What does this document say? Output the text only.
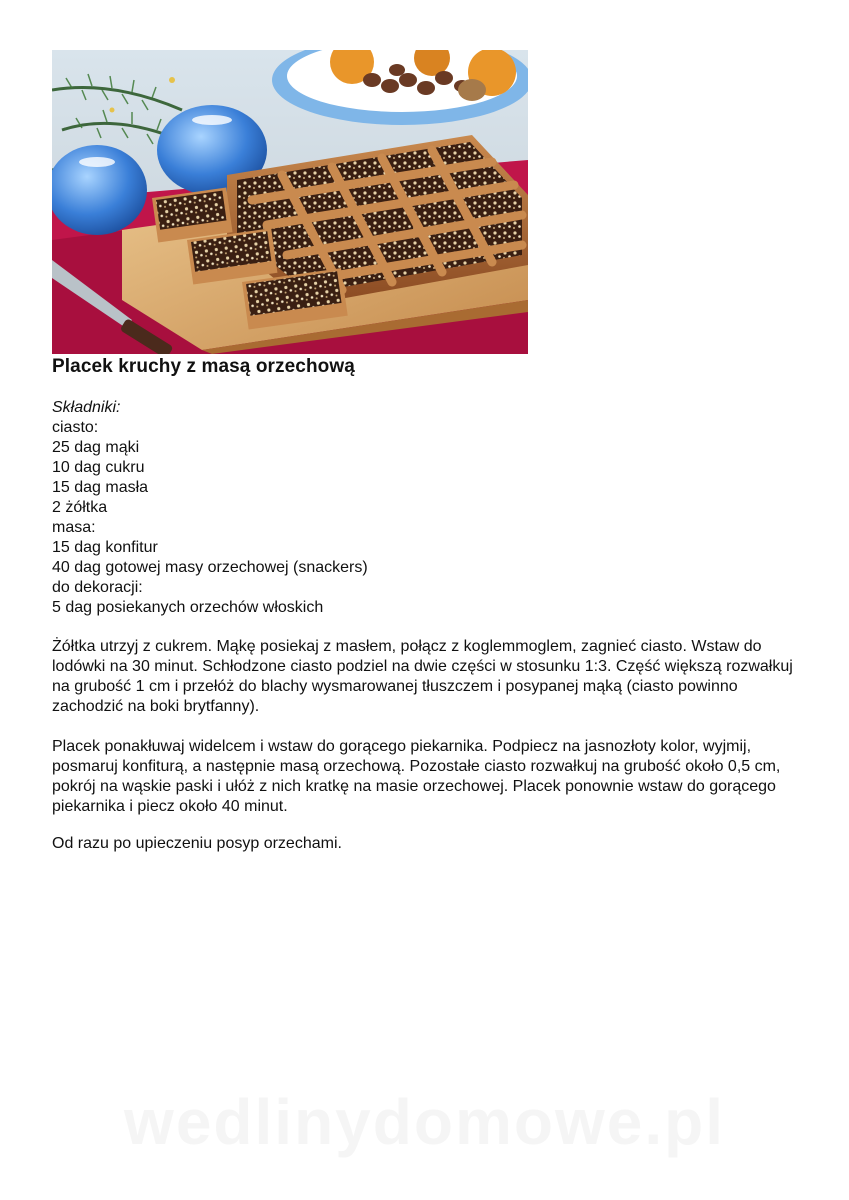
Placek kruchy z masą orzechową
Składniki:
ciasto:
25 dag mąki
10 dag cukru
15 dag masła
2 żółtka
masa:
15 dag konfitur
40 dag gotowej masy orzechowej (snackers)
do dekoracji:
5 dag posiekanych orzechów włoskich

Żółtka utrzyj z cukrem. Mąkę posiekaj z masłem, połącz z koglemmoglem, zagnieć ciasto. Wstaw do lodówki na 30 minut. Schłodzone ciasto podziel na dwie części w stosunku 1:3. Część większą rozwałkuj na grubość 1 cm i przełóż do blachy wysmarowanej tłuszczem i posypanej mąką (ciasto powinno zachodzić na boki brytfanny).

Placek ponakłuwaj widelcem i wstaw do gorącego piekarnika. Podpiecz na jasnozłoty kolor, wyjmij, posmaruj konfiturą, a następnie masą orzechową. Pozostałe ciasto rozwałkuj na grubość około 0,5 cm, pokrój na wąskie paski i ułóż z nich kratkę na masie orzechowej. Placek ponownie wstaw do gorącego piekarnika i piecz około 40 minut.

Od razu po upieczeniu posyp orzechami.

wedlinydomowe.pl
